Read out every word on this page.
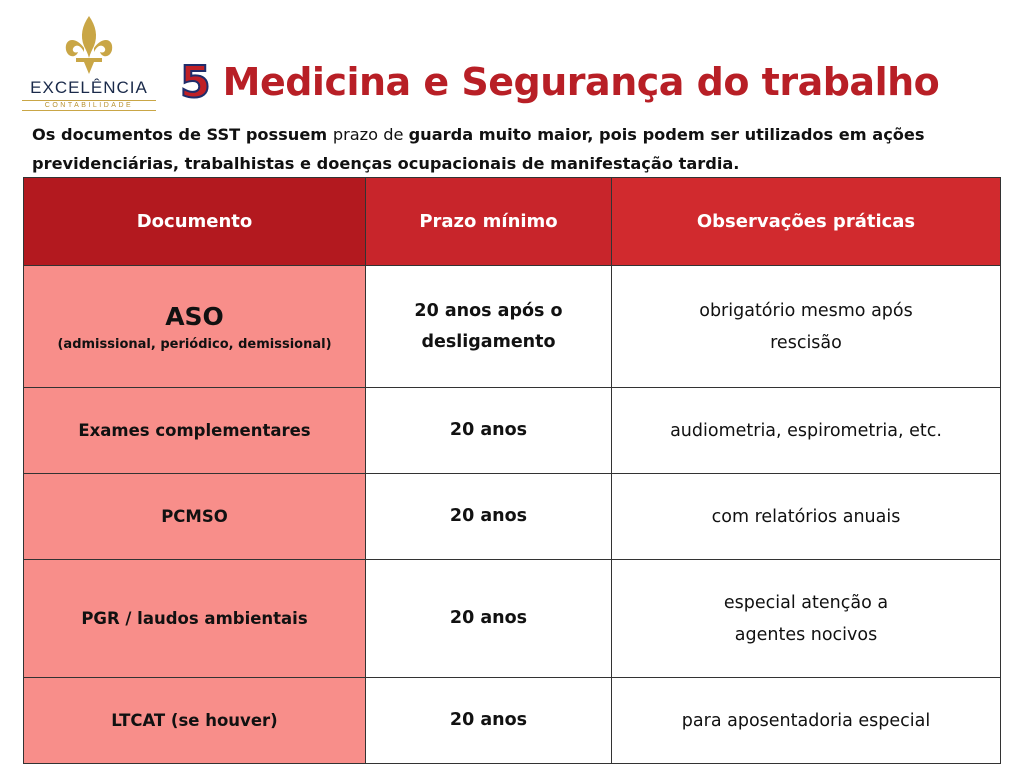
EXCELÊNCIA
CONTABILIDADE	5 Medicina e Segurança do trabalho

Os documentos de SST possuem prazo de guarda muito maior, pois podem ser utilizados em ações previdenciárias, trabalhistas e doenças ocupacionais de manifestação tardia.

Documento	Prazo mínimo	Observações práticas

ASO
(admissional, periódico, demissional)	20 anos após o desligamento	obrigatório mesmo após rescisão

Exames complementares	20 anos	audiometria, espirometria, etc.
PCMSO	20 anos	com relatórios anuais
PGR / laudos ambientais	20 anos	especial atenção a agentes nocivos

LTCAT (se houver)	20 anos	para aposentadoria especial
